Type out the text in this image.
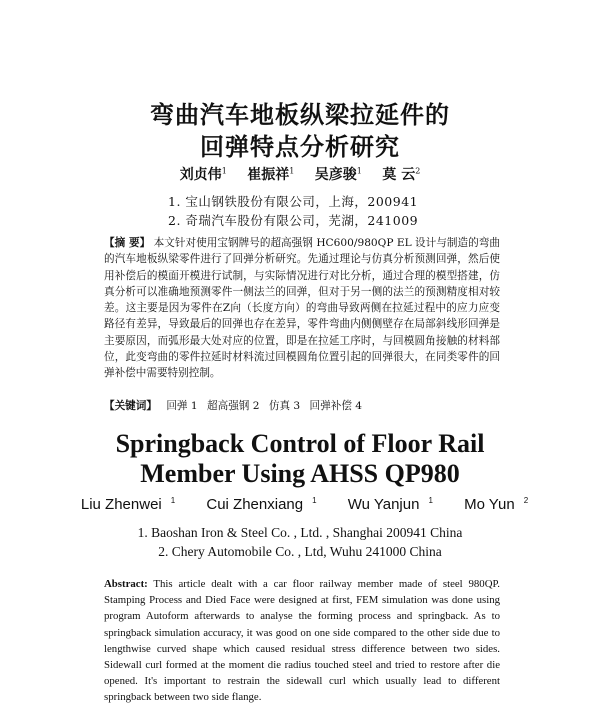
弯曲汽车地板纵梁拉延件的
回弹特点分析研究
刘贞伟$^1$ 崔振祥$^1$ 吴彦骏$^1$ 莫 云$^2$
1. 宝山钢铁股份有限公司，上海，200941
2. 奇瑞汽车股份有限公司，芜湖，241009
【摘 要】 本文针对使用宝钢牌号的超高强钢 HC600/980QP EL 设计与制造的弯曲的汽车地板纵梁零件进行了回弹分析研究。先通过理论与仿真分析预测回弹，然后使用补偿后的模面开模进行试制，与实际情况进行对比分析，通过合理的模型搭建，仿真分析可以准确地预测零件一侧法兰的回弹，但对于另一侧的法兰的预测精度相对较差。这主要是因为零件在Z向（长度方向）的弯曲导致两侧在拉延过程中的应力应变路径有差异，导致最后的回弹也存在差异，零件弯曲内侧侧壁存在局部斜线形回弹是主要原因，而弧形最大处对应的位置，即是在拉延工序时，与回模圆角接触的材料部位，此变弯曲的零件拉延时材料流过回模圆角位置引起的回弹很大，在同类零件的回弹补偿中需要特别控制。
【关键词】 回弹 1 超高强钢 2 仿真 3 回弹补偿 4
Springback Control of Floor Rail
Member Using AHSS QP980
Liu Zhenwei $^1$ Cui Zhenxiang $^1$ Wu Yanjun $^1$ Mo Yun $^2$
1. Baoshan Iron & Steel Co. , Ltd. , Shanghai 200941 China
2. Chery Automobile Co. , Ltd, Wuhu 241000 China
Abstract: This article dealt with a car floor railway member made of steel 980QP. Stamping Process and Died Face were designed at first, FEM simulation was done using program Autoform afterwards to analyse the forming process and springback. As to springback simulation accuracy, it was good on one side compared to the other side due to lengthwise curved shape which caused residual stress difference between two sides. Sidewall curl formed at the moment die radius touched steel and tried to restore after die opened. It's important to restrain the sidewall curl which usually lead to different springback between two side flange.
